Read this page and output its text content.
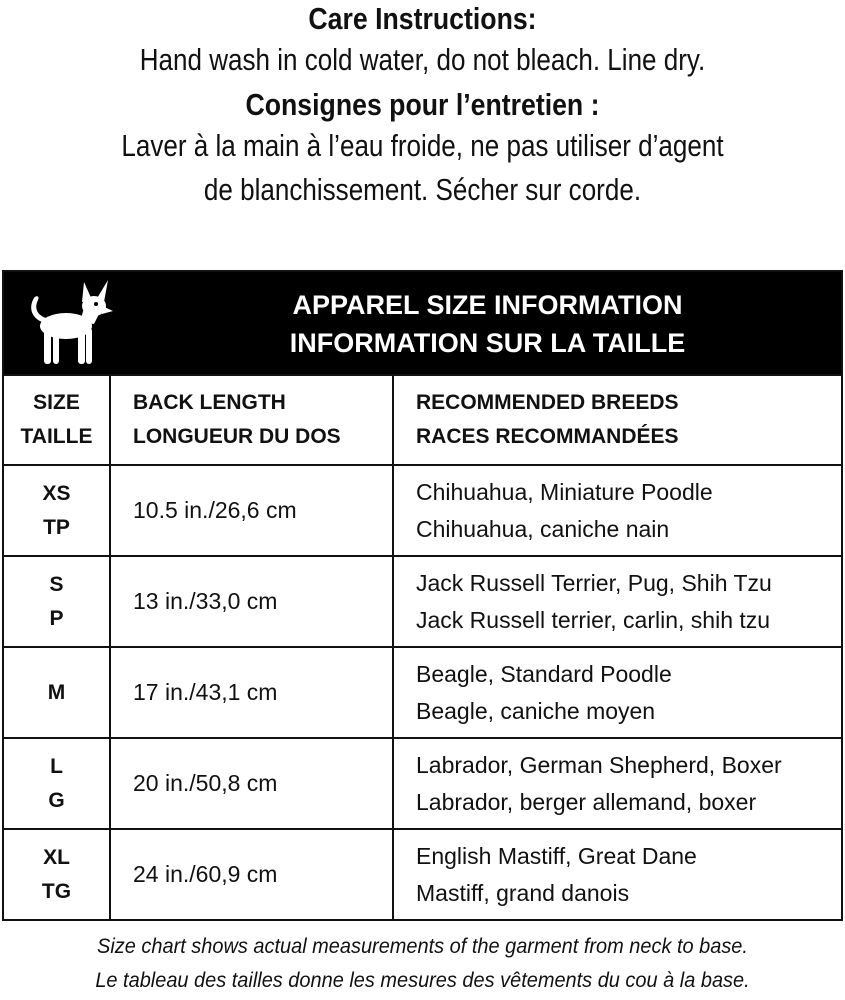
Care Instructions:
Hand wash in cold water, do not bleach. Line dry.
Consignes pour l’entretien :
Laver à la main à l’eau froide, ne pas utiliser d’agent
de blanchissement. Sécher sur corde.
APPAREL SIZE INFORMATION
INFORMATION SUR LA TAILLE
SIZE
TAILLE
BACK LENGTH
LONGUEUR DU DOS
RECOMMENDED BREEDS
RACES RECOMMANDÉES
XS
TP
10.5 in./26,6 cm
Chihuahua, Miniature Poodle
Chihuahua, caniche nain
S
P
13 in./33,0 cm
Jack Russell Terrier, Pug, Shih Tzu
Jack Russell terrier, carlin, shih tzu
M	17 in./43,1 cm
Beagle, Standard Poodle
Beagle, caniche moyen
L
G
20 in./50,8 cm
Labrador, German Shepherd, Boxer
Labrador, berger allemand, boxer
XL
TG
24 in./60,9 cm
English Mastiff, Great Dane
Mastiff, grand danois
Size chart shows actual measurements of the garment from neck to base.
Le tableau des tailles donne les mesures des vêtements du cou à la base.
